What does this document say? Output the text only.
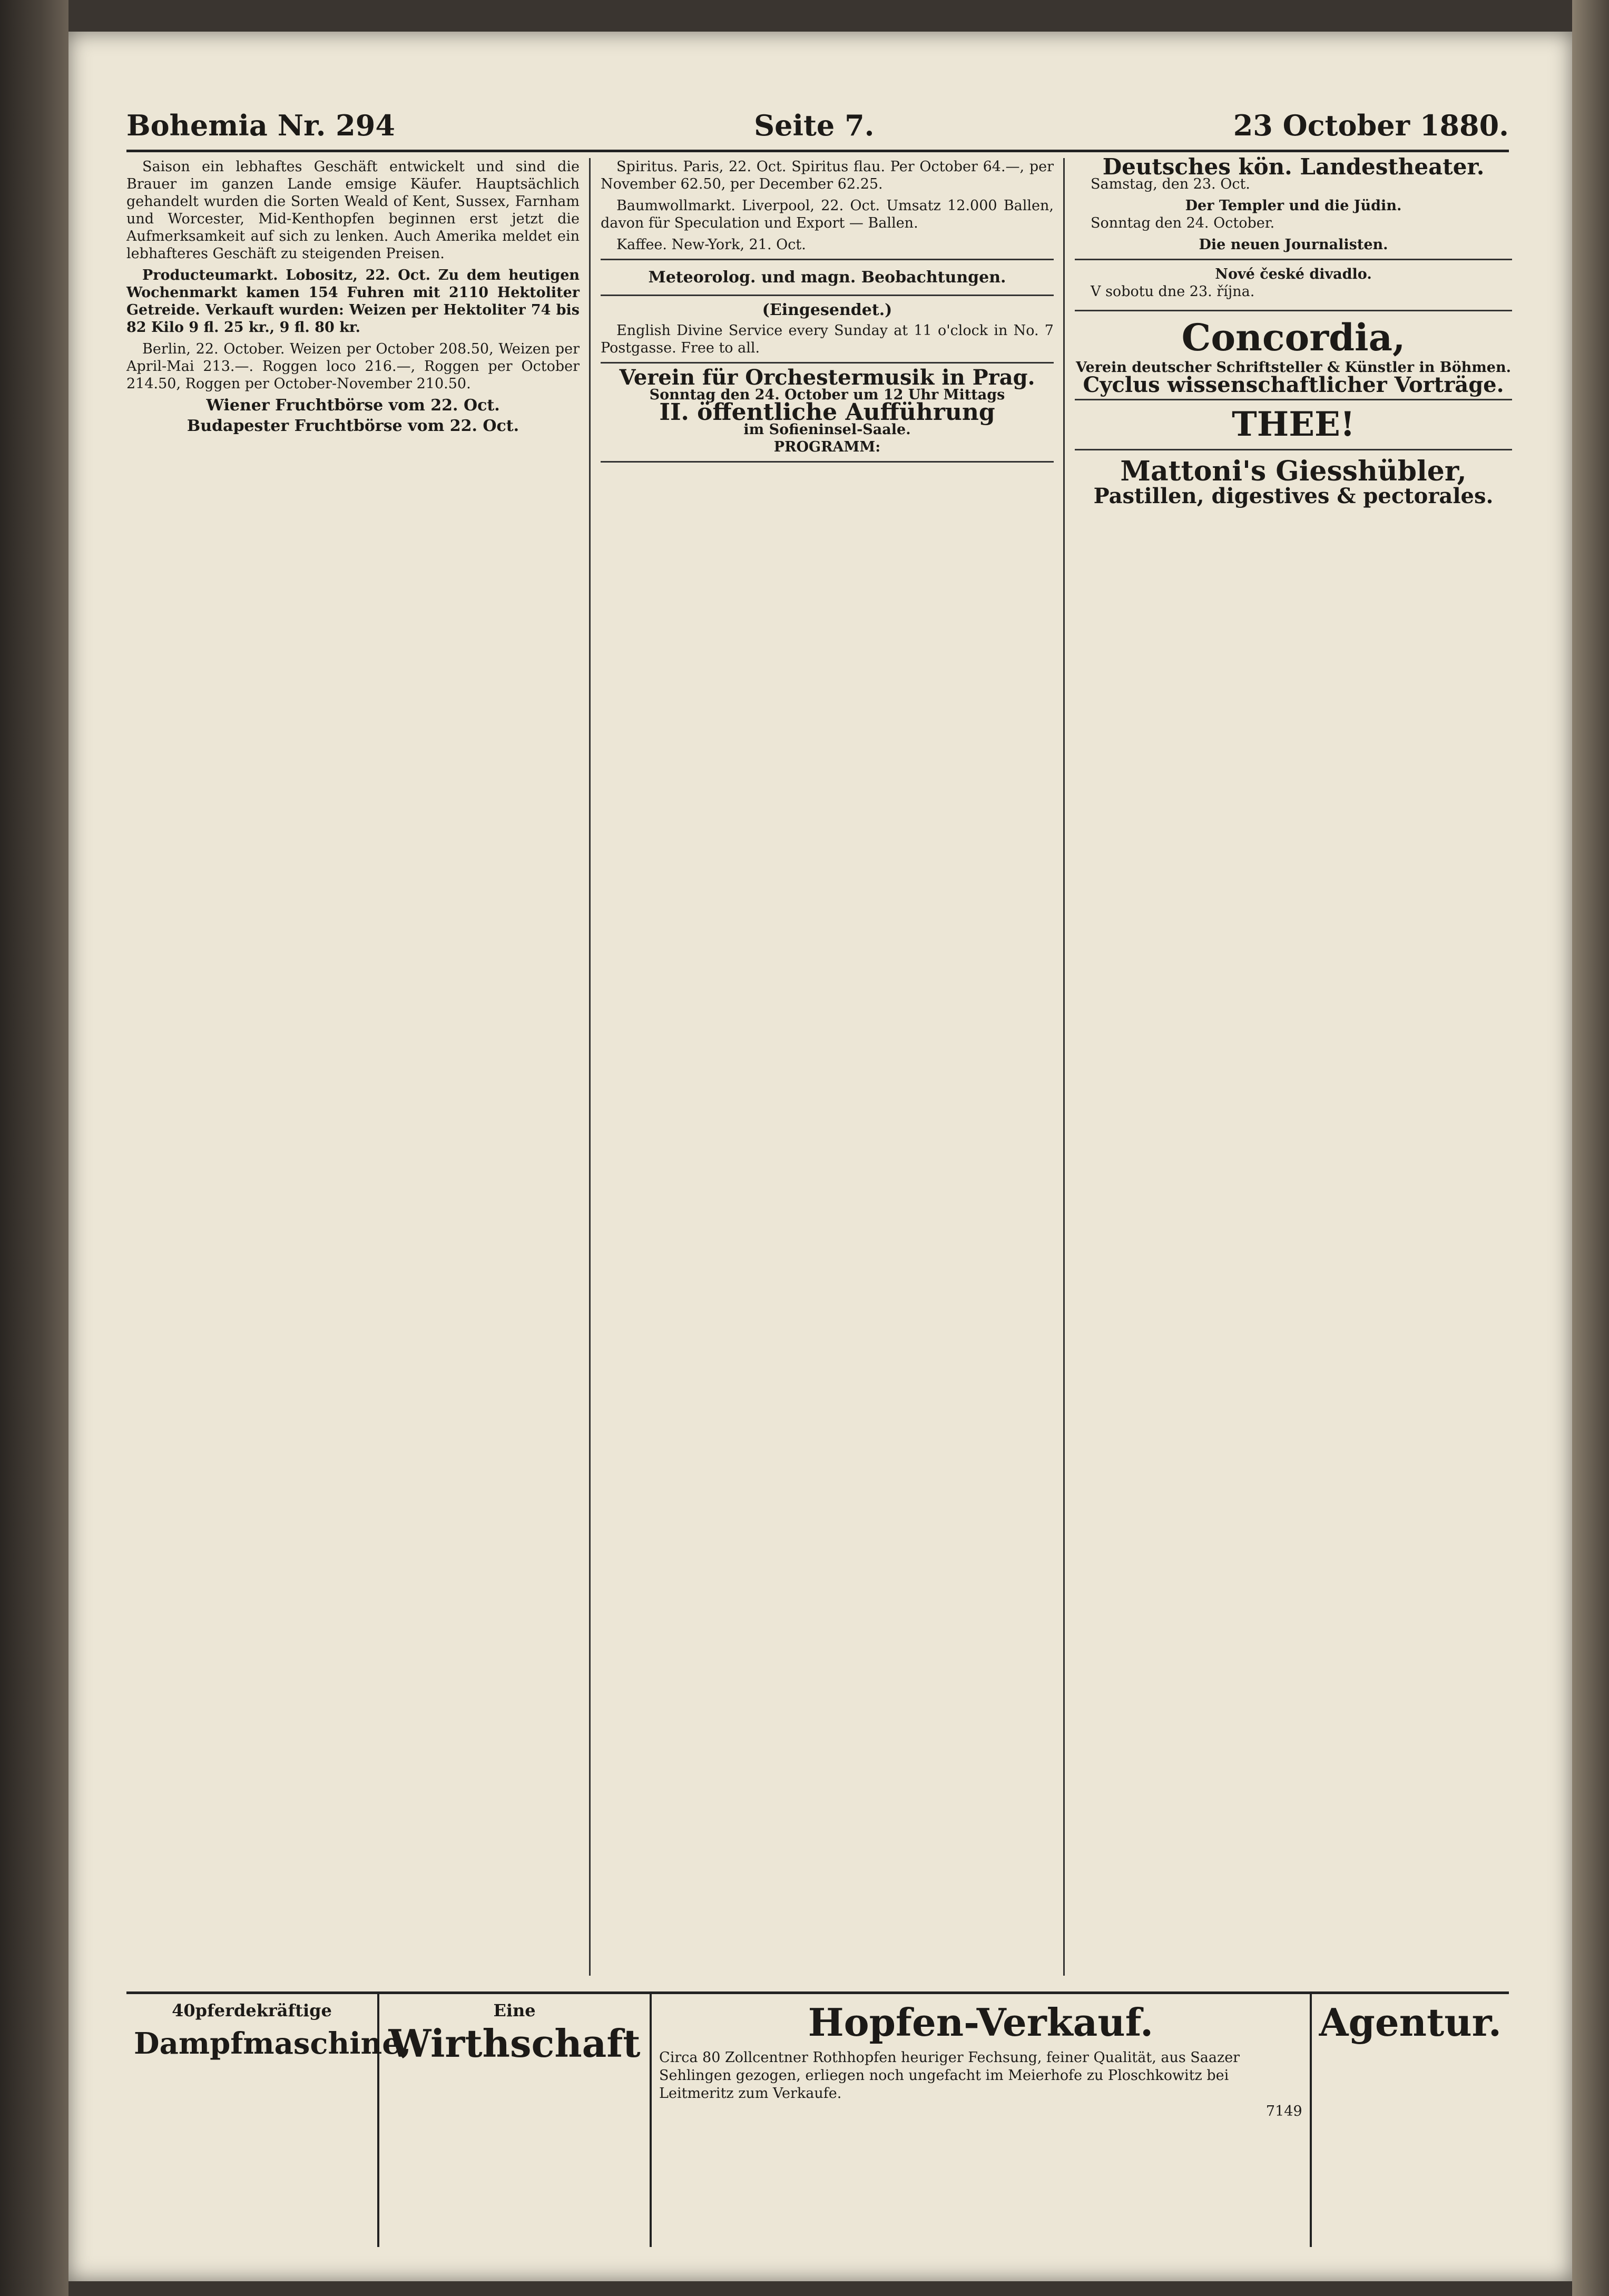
Bohemia Nr. 294	Seite 7.	23 October 1880.

Saison ein lebhaftes Geschäft entwickelt und sind die Brauer im ganzen Lande emsige Käufer. Hauptsächlich gehandelt wurden die Sorten Weald of Kent, Sussex, Farnham und Worcester, Mid-Kenthopfen beginnen erst jetzt die Aufmerksamkeit auf sich zu lenken. Auch Amerika meldet ein lebhafteres Geschäft zu steigenden Preisen.

Producteumarkt. Lobositz, 22. Oct. Zu dem heutigen Wochenmarkt kamen 154 Fuhren mit 2110 Hektoliter Getreide. Verkauft wurden: Weizen per Hektoliter 74 bis 82 Kilo 9 fl. 25 kr., 9 fl. 80 kr.

Berlin, 22. October. Weizen per October 208.50, Weizen per April-Mai 213.—. Roggen loco 216.—, Roggen per October 214.50, Roggen per October-November 210.50.

Wiener Fruchtbörse vom 22. Oct.
Budapester Fruchtbörse vom 22. Oct.

Spiritus. Paris, 22. Oct. Spiritus flau. Per October 64.—, per November 62.50, per December 62.25.

Baumwollmarkt. Liverpool, 22. Oct. Umsatz 12.000 Ballen, davon für Speculation und Export — Ballen.

Kaffee. New-York, 21. Oct.

Meteorolog. und magn. Beobachtungen.
(Eingesendet.)

English Divine Service every Sunday at 11 o'clock in No. 7 Postgasse. Free to all.

Verein für Orchestermusik in Prag.
Sonntag den 24. October um 12 Uhr Mittags
II. öffentliche Aufführung
im Sofieninsel-Saale.
PROGRAMM:
Deutsches kön. Landestheater.

Samstag, den 23. Oct.

Der Templer und die Jüdin.

Sonntag den 24. October.

Die neuen Journalisten.
Nové české divadlo.

V sobotu dne 23. října.

Concordia,
Verein deutscher Schriftsteller & Künstler in Böhmen.
Cyclus wissenschaftlicher Vorträge.
THEE!
Mattoni's Giesshübler,
Pastillen, digestives & pectorales.
40pferdekräftige
Dampfmaschine,
Eine
Wirthschaft	Hopfen-Verkauf.
Circa 80 Zollcentner Rothhopfen heuriger Fechsung, feiner Qualität, aus Saazer Sehlingen gezogen, erliegen noch ungefacht im Meierhofe zu Ploschkowitz bei Leitmeritz zum Verkaufe.
7149
Agentur.
